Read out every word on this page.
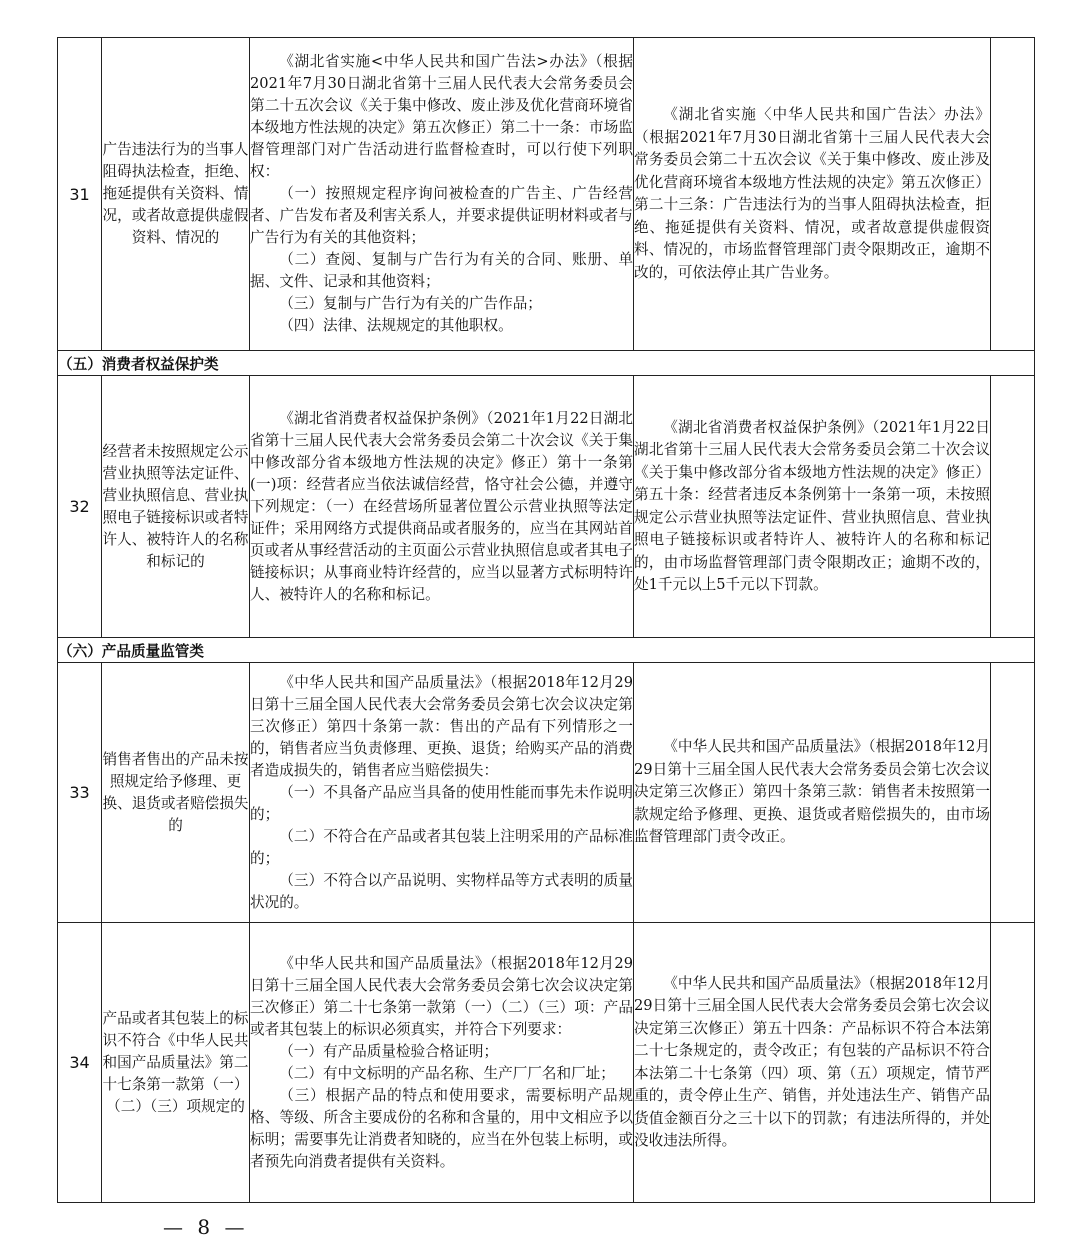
31	广告违法行为的当事人阻碍执法检查，拒绝、拖延提供有关资料、情况，或者故意提供虚假资料、情况的	《湖北省实施<中华人民共和国广告法>办法》（根据2021年7月30日湖北省第十三届人民代表大会常务委员会第二十五次会议《关于集中修改、废止涉及优化营商环境省本级地方性法规的决定》第五次修正）第二十一条：市场监督管理部门对广告活动进行监督检查时，可以行使下列职权：

（一）按照规定程序询问被检查的广告主、广告经营者、广告发布者及利害关系人，并要求提供证明材料或者与广告行为有关的其他资料；

（二）查阅、复制与广告行为有关的合同、账册、单据、文件、记录和其他资料；

（三）复制与广告行为有关的广告作品；

（四）法律、法规规定的其他职权。	《湖北省实施〈中华人民共和国广告法〉办法》（根据2021年7月30日湖北省第十三届人民代表大会常务委员会第二十五次会议《关于集中修改、废止涉及优化营商环境省本级地方性法规的决定》第五次修正）第二十三条：广告违法行为的当事人阻碍执法检查，拒绝、拖延提供有关资料、情况，或者故意提供虚假资料、情况的，市场监督管理部门责令限期改正，逾期不改的，可依法停止其广告业务。	

（五）消费者权益保护类				
32	经营者未按照规定公示营业执照等法定证件、营业执照信息、营业执照电子链接标识或者特许人、被特许人的名称和标记的	《湖北省消费者权益保护条例》（2021年1月22日湖北省第十三届人民代表大会常务委员会第二十次会议《关于集中修改部分省本级地方性法规的决定》修正）第十一条第(一)项：经营者应当依法诚信经营，恪守社会公德，并遵守下列规定：（一）在经营场所显著位置公示营业执照等法定证件；采用网络方式提供商品或者服务的，应当在其网站首页或者从事经营活动的主页面公示营业执照信息或者其电子链接标识；从事商业特许经营的，应当以显著方式标明特许人、被特许人的名称和标记。	《湖北省消费者权益保护条例》（2021年1月22日湖北省第十三届人民代表大会常务委员会第二十次会议《关于集中修改部分省本级地方性法规的决定》修正）第五十条：经营者违反本条例第十一条第一项，未按照规定公示营业执照等法定证件、营业执照信息、营业执照电子链接标识或者特许人、被特许人的名称和标记的，由市场监督管理部门责令限期改正；逾期不改的，处1千元以上5千元以下罚款。	

（六）产品质量监管类				
33	销售者售出的产品未按照规定给予修理、更换、退货或者赔偿损失的	《中华人民共和国产品质量法》（根据2018年12月29日第十三届全国人民代表大会常务委员会第七次会议决定第三次修正）第四十条第一款：售出的产品有下列情形之一的，销售者应当负责修理、更换、退货；给购买产品的消费者造成损失的，销售者应当赔偿损失：

（一）不具备产品应当具备的使用性能而事先未作说明的；

（二）不符合在产品或者其包装上注明采用的产品标准的；

（三）不符合以产品说明、实物样品等方式表明的质量状况的。	《中华人民共和国产品质量法》（根据2018年12月29日第十三届全国人民代表大会常务委员会第七次会议决定第三次修正）第四十条第三款：销售者未按照第一款规定给予修理、更换、退货或者赔偿损失的，由市场监督管理部门责令改正。	

34	产品或者其包装上的标识不符合《中华人民共和国产品质量法》第二十七条第一款第（一）（二）（三）项规定的	《中华人民共和国产品质量法》（根据2018年12月29日第十三届全国人民代表大会常务委员会第七次会议决定第三次修正）第二十七条第一款第（一）（二）（三）项：产品或者其包装上的标识必须真实，并符合下列要求：

（一）有产品质量检验合格证明；

（二）有中文标明的产品名称、生产厂厂名和厂址；

（三）根据产品的特点和使用要求，需要标明产品规格、等级、所含主要成份的名称和含量的，用中文相应予以标明；需要事先让消费者知晓的，应当在外包装上标明，或者预先向消费者提供有关资料。	《中华人民共和国产品质量法》（根据2018年12月29日第十三届全国人民代表大会常务委员会第七次会议决定第三次修正）第五十四条：产品标识不符合本法第二十七条规定的，责令改正；有包装的产品标识不符合本法第二十七条第（四）项、第（五）项规定，情节严重的，责令停止生产、销售，并处违法生产、销售产品货值金额百分之三十以下的罚款；有违法所得的，并处没收违法所得。	

— 8 —
